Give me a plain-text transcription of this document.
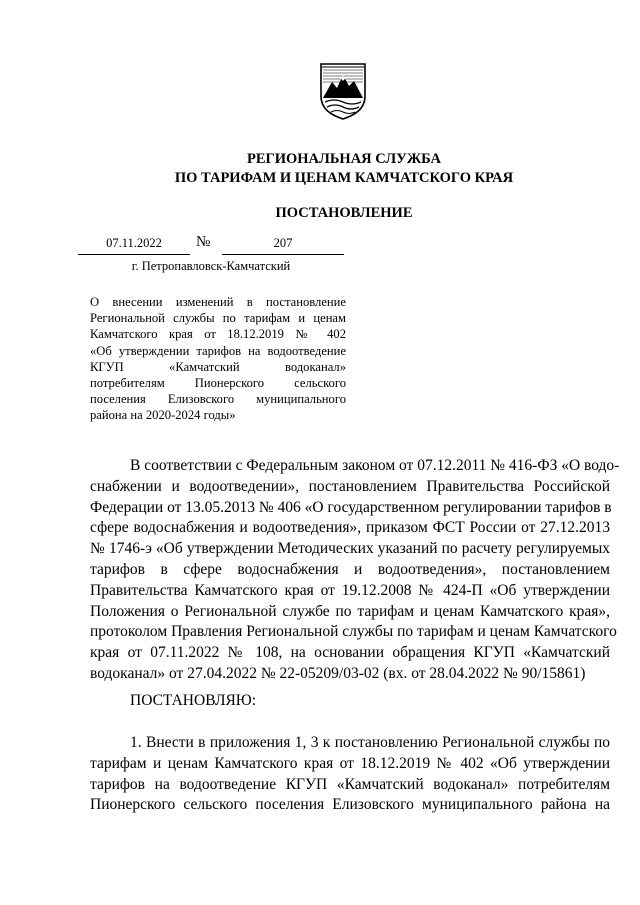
РЕГИОНАЛЬНАЯ СЛУЖБА

ПО ТАРИФАМ И ЦЕНАМ КАМЧАТСКОГО КРАЯ

ПОСТАНОВЛЕНИЕ

07.11.2022	№	207
г. Петропавловск-Камчатский

О внесении изменений в постановление
Региональной службы по тарифам и ценам
Камчатского края от 18.12.2019 № 402
«Об утверждении тарифов на водоотведение
КГУП «Камчатский водоканал»
потребителям Пионерского сельского
поселения Елизовского муниципального
района на 2020-2024 годы»

В соответствии с Федеральным законом от 07.12.2011 № 416-ФЗ «О водо-
снабжении и водоотведении», постановлением Правительства Российской
Федерации от 13.05.2013 № 406 «О государственном регулировании тарифов в
сфере водоснабжения и водоотведения», приказом ФСТ России от 27.12.2013
№ 1746-э «Об утверждении Методических указаний по расчету регулируемых
тарифов в сфере водоснабжения и водоотведения», постановлением
Правительства Камчатского края от 19.12.2008 № 424-П «Об утверждении
Положения о Региональной службе по тарифам и ценам Камчатского края»,
протоколом Правления Региональной службы по тарифам и ценам Камчатского
края от 07.11.2022 № 108, на основании обращения КГУП «Камчатский
водоканал» от 27.04.2022 № 22-05209/03-02 (вх. от 28.04.2022 № 90/15861)

ПОСТАНОВЛЯЮ:

1. Внести в приложения 1, 3 к постановлению Региональной службы по
тарифам и ценам Камчатского края от 18.12.2019 № 402 «Об утверждении
тарифов на водоотведение КГУП «Камчатский водоканал» потребителям
Пионерского сельского поселения Елизовского муниципального района на
